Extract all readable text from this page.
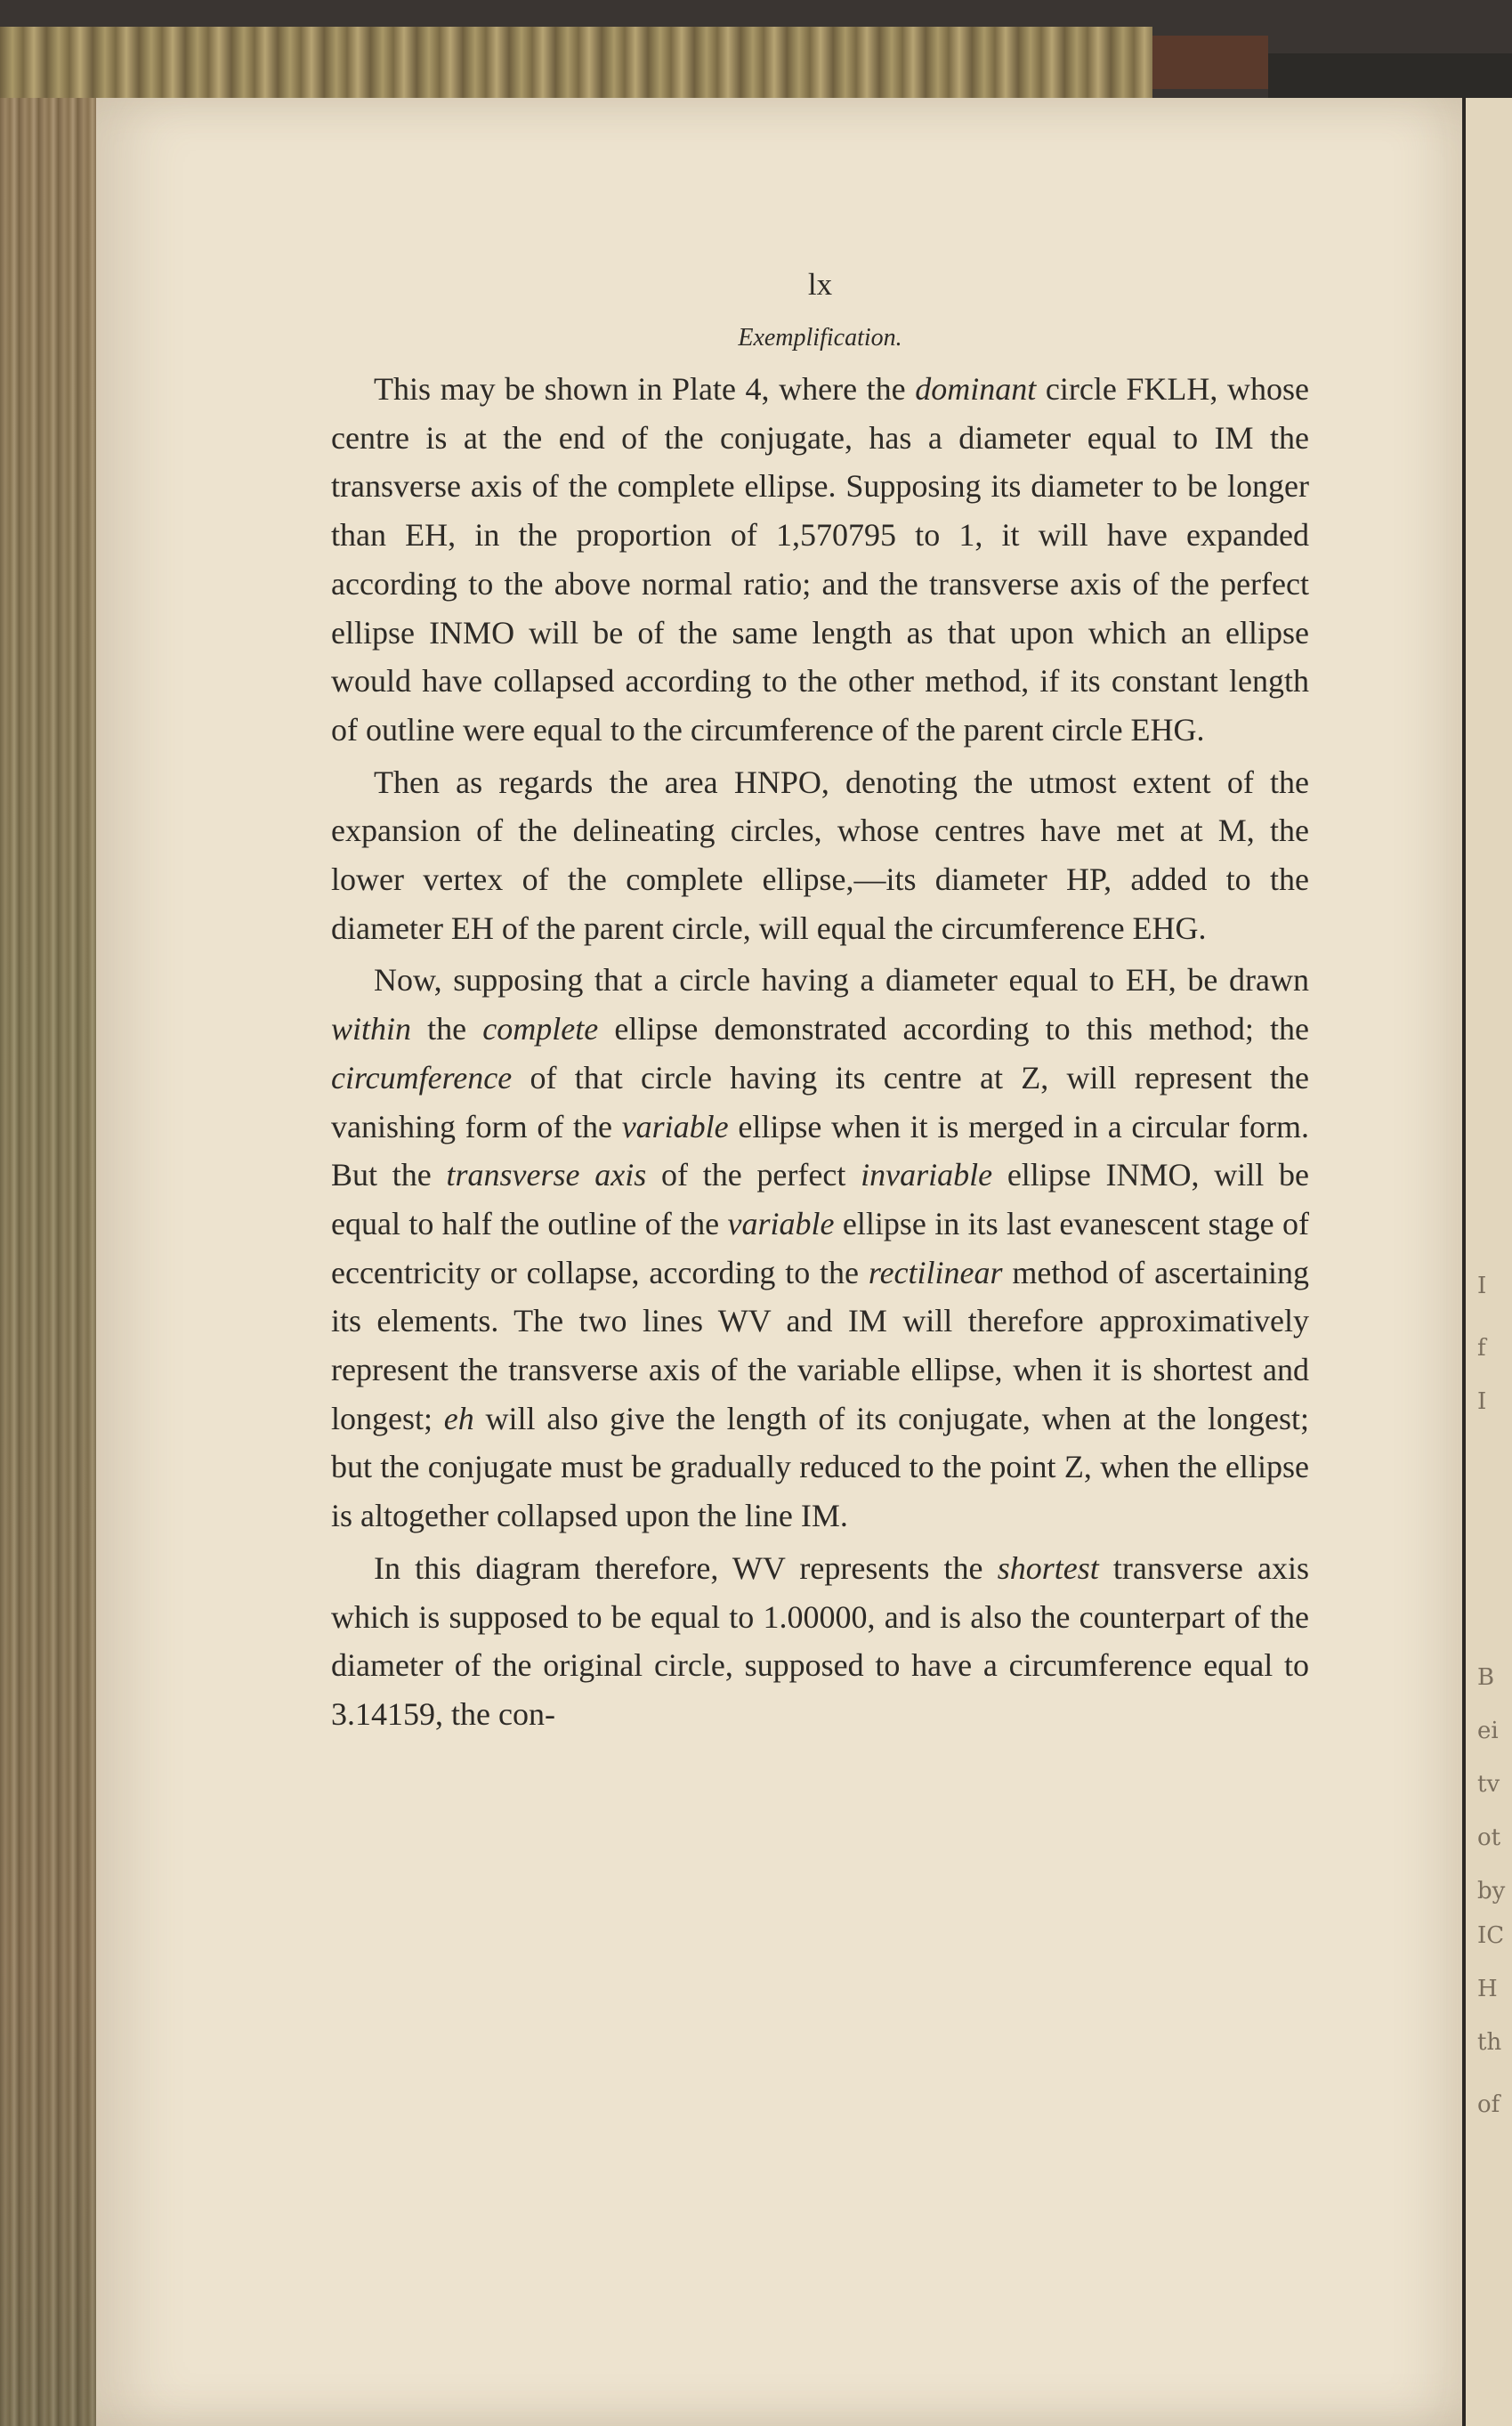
I
f
I
B
ei
tv
ot
by
IC
H
th
of
lx
Exemplification.

This may be shown in Plate 4, where the dominant circle FKLH, whose centre is at the end of the conjugate, has a diameter equal to IM the transverse axis of the complete ellipse. Supposing its diameter to be longer than EH, in the proportion of 1,570795 to 1, it will have expanded according to the above normal ratio; and the transverse axis of the perfect ellipse INMO will be of the same length as that upon which an ellipse would have collapsed according to the other method, if its constant length of outline were equal to the circumference of the parent circle EHG.

Then as regards the area HNPO, denoting the utmost extent of the expansion of the delineating circles, whose centres have met at M, the lower vertex of the complete ellipse,—its diameter HP, added to the diameter EH of the parent circle, will equal the circumference EHG.

Now, supposing that a circle having a diameter equal to EH, be drawn within the complete ellipse demonstrated according to this method; the circumference of that circle having its centre at Z, will represent the vanishing form of the variable ellipse when it is merged in a circular form. But the transverse axis of the perfect invariable ellipse INMO, will be equal to half the outline of the variable ellipse in its last evanescent stage of eccentricity or collapse, according to the rectilinear method of ascertaining its elements. The two lines WV and IM will therefore approximatively represent the transverse axis of the variable ellipse, when it is shortest and longest; eh will also give the length of its conjugate, when at the longest; but the conjugate must be gradually reduced to the point Z, when the ellipse is altogether collapsed upon the line IM.

In this diagram therefore, WV represents the shortest transverse axis which is supposed to be equal to 1.00000, and is also the counterpart of the diameter of the original circle, supposed to have a circumference equal to 3.14159, the con-
